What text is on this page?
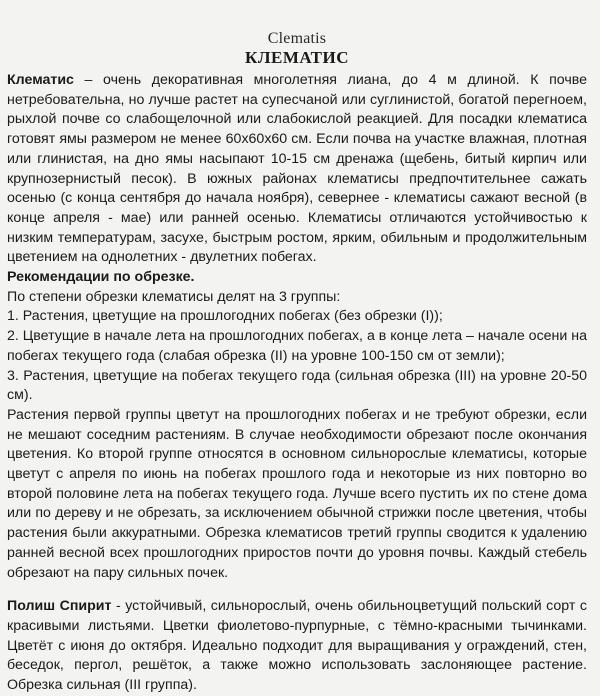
Clematis

КЛЕМАТИС

Клематис – очень декоративная многолетняя лиана, до 4 м длиной. К почве нетребовательна, но лучше растет на супесчаной или суглинистой, богатой перегноем, рыхлой почве со слабощелочной или слабокислой реакцией. Для посадки клематиса готовят ямы размером не менее 60х60х60 см. Если почва на участке влажная, плотная или глинистая, на дно ямы насыпают 10-15 см дренажа (щебень, битый кирпич или крупнозернистый песок). В южных районах клематисы предпочтительнее сажать осенью (с конца сентября до начала ноября), севернее - клематисы сажают весной (в конце апреля - мае) или ранней осенью. Клематисы отличаются устойчивостью к низким температурам, засухе, быстрым ростом, ярким, обильным и продолжительным цветением на однолетних - двулетних побегах.

Рекомендации по обрезке.

По степени обрезки клематисы делят на 3 группы:

1. Растения, цветущие на прошлогодних побегах (без обрезки (I));

2. Цветущие в начале лета на прошлогодних побегах, а в конце лета – начале осени на побегах текущего года (слабая обрезка (II) на уровне 100-150 см от земли);

3. Растения, цветущие на побегах текущего года (сильная обрезка (III) на уровне 20-50 см).

Растения первой группы цветут на прошлогодних побегах и не требуют обрезки, если не мешают соседним растениям. В случае необходимости обрезают после окончания цветения. Ко второй группе относятся в основном сильнорослые клематисы, которые цветут с апреля по июнь на побегах прошлого года и некоторые из них повторно во второй половине лета на побегах текущего года. Лучше всего пустить их по стене дома или по дереву и не обрезать, за исключением обычной стрижки после цветения, чтобы растения были аккуратными. Обрезка клематисов третий группы сводится к удалению ранней весной всех прошлогодних приростов почти до уровня почвы. Каждый стебель обрезают на пару сильных почек.

Полиш Спирит - устойчивый, сильнорослый, очень обильноцветущий польский сорт с красивыми листьями. Цветки фиолетово-пурпурные, с тёмно-красными тычинками. Цветёт с июня до октября. Идеально подходит для выращивания у ограждений, стен, беседок, пергол, решёток, а также можно использовать заслоняющее растение. Обрезка сильная (III группа).
